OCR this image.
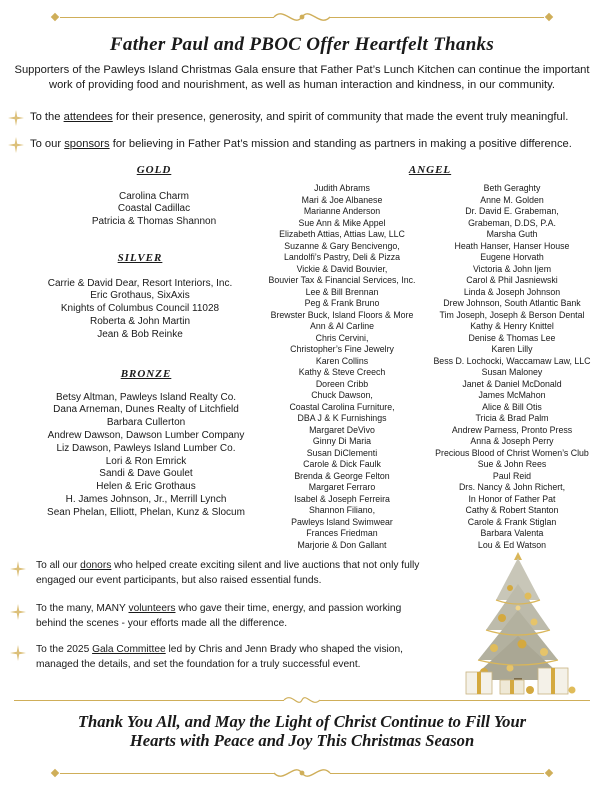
Father Paul and PBOC Offer Heartfelt Thanks

Supporters of the Pawleys Island Christmas Gala ensure that Father Pat’s Lunch Kitchen can continue the important work of providing food and nourishment, as well as human interaction and kindness, in our community.

To the attendees for their presence, generosity, and spirit of community that made the event truly meaningful.
To our sponsors for believing in Father Pat’s mission and standing as partners in making a positive difference.
GOLD
Carolina Charm
Coastal Cadillac
Patricia & Thomas Shannon
SILVER
Carrie & David Dear, Resort Interiors, Inc.
Eric Grothaus, SixAxis
Knights of Columbus Council 11028
Roberta & John Martin
Jean & Bob Reinke
BRONZE
Betsy Altman, Pawleys Island Realty Co.
Dana Arneman, Dunes Realty of Litchfield
Barbara Cullerton
Andrew Dawson, Dawson Lumber Company
Liz Dawson, Pawleys Island Lumber Co.
Lori & Ron Emrick
Sandi & Dave Goulet
Helen & Eric Grothaus
H. James Johnson, Jr., Merrill Lynch
Sean Phelan, Elliott, Phelan, Kunz & Slocum
ANGEL
Judith Abrams
Mari & Joe Albanese
Marianne Anderson
Sue Ann & Mike Appel
Elizabeth Attias, Attias Law, LLC
Suzanne & Gary Bencivengo,
Landolfi’s Pastry, Deli & Pizza
Vickie & David Bouvier,
Bouvier Tax & Financial Services, Inc.
Lee & Bill Brennan
Peg & Frank Bruno
Brewster Buck, Island Floors & More
Ann & Al Carline
Chris Cervini,
Christopher’s Fine Jewelry
Karen Collins
Kathy & Steve Creech
Doreen Cribb
Chuck Dawson,
Coastal Carolina Furniture,
DBA J & K Furnishings
Margaret DeVivo
Ginny Di Maria
Susan DiClementi
Carole & Dick Faulk
Brenda & George Felton
Margaret Ferraro
Isabel & Joseph Ferreira
Shannon Filiano,
Pawleys Island Swimwear
Frances Friedman
Marjorie & Don Gallant
Beth Geraghty
Anne M. Golden
Dr. David E. Grabeman,
Grabeman, D.DS, P.A.
Marsha Guth
Heath Hanser, Hanser House
Eugene Horvath
Victoria & John Ijem
Carol & Phil Jasniewski
Linda & Joseph Johnson
Drew Johnson, South Atlantic Bank
Tim Joseph, Joseph & Berson Dental
Kathy & Henry Knittel
Denise & Thomas Lee
Karen Lilly
Bess D. Lochocki, Waccamaw Law, LLC
Susan Maloney
Janet & Daniel McDonald
James McMahon
Alice & Bill Otis
Tricia & Brad Palm
Andrew Parness, Pronto Press
Anna & Joseph Perry
Precious Blood of Christ Women’s Club
Sue & John Rees
Paul Reid
Drs. Nancy & John Richert,
In Honor of Father Pat
Cathy & Robert Stanton
Carole & Frank Stiglan
Barbara Valenta
Lou & Ed Watson

To all our donors who helped create exciting silent and live auctions that not only fully engaged our event participants, but also raised essential funds.

To the many, MANY volunteers who gave their time, energy, and passion working behind the scenes - your efforts made all the difference.

To the 2025 Gala Committee led by Chris and Jenn Brady who shaped the vision, managed the details, and set the foundation for a truly successful event.

Thank You All, and May the Light of Christ Continue to Fill Your
Hearts with Peace and Joy This Christmas Season
